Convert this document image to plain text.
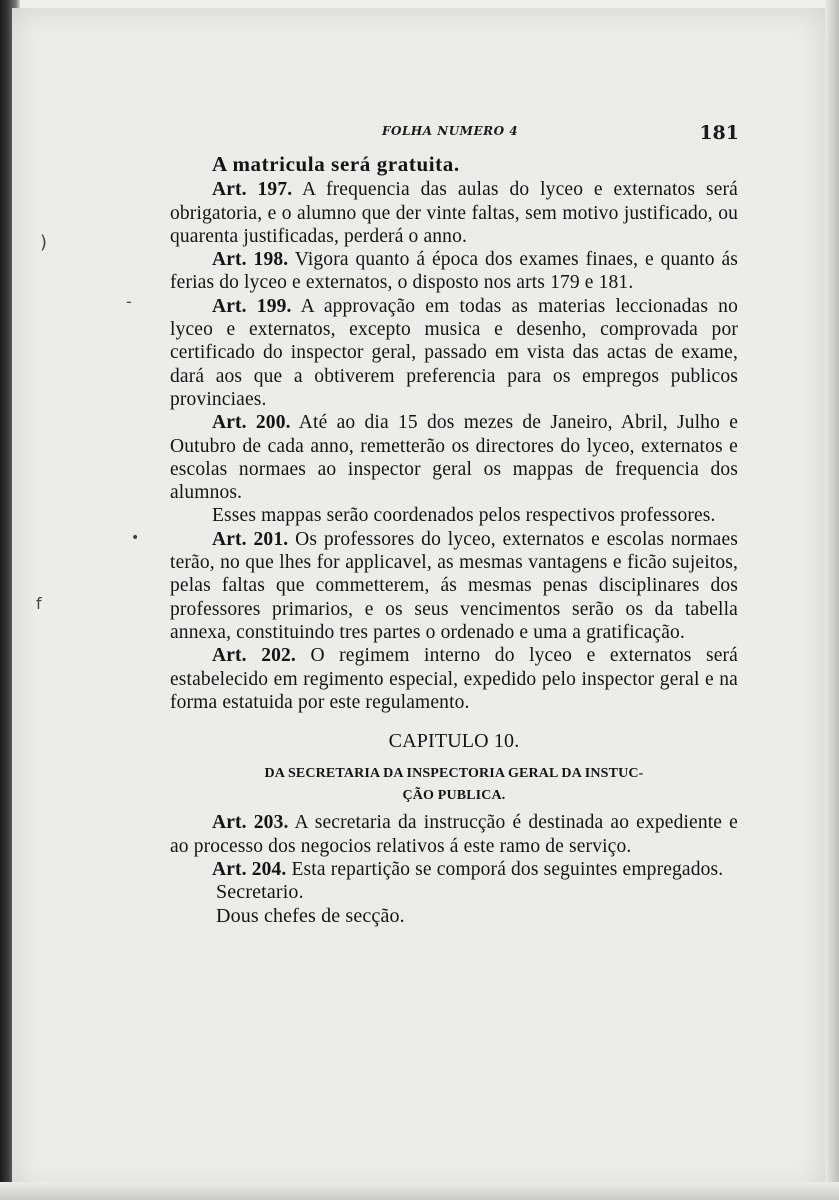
FOLHA NUMERO 4	181

A matricula será gratuita.

Art. 197. A frequencia das aulas do lyceo e externatos será obrigatoria, e o alumno que der vinte faltas, sem motivo justificado, ou quarenta justificadas, perderá o anno.

Art. 198. Vigora quanto á época dos exames finaes, e quanto ás ferias do lyceo e externatos, o disposto nos arts 179 e 181.

Art. 199. A approvação em todas as materias leccionadas no lyceo e externatos, excepto musica e desenho, comprovada por certificado do inspector geral, passado em vista das actas de exame, dará aos que a obtiverem preferencia para os empregos publicos provinciaes.

Art. 200. Até ao dia 15 dos mezes de Janeiro, Abril, Julho e Outubro de cada anno, remetterão os directores do lyceo, externatos e escolas normaes ao inspector geral os mappas de frequencia dos alumnos.

Esses mappas serão coordenados pelos respectivos professores.

Art. 201. Os professores do lyceo, externatos e escolas normaes terão, no que lhes for applicavel, as mesmas vantagens e ficão sujeitos, pelas faltas que commetterem, ás mesmas penas disciplinares dos professores primarios, e os seus vencimentos serão os da tabella annexa, constituindo tres partes o ordenado e uma a gratificação.

Art. 202. O regimem interno do lyceo e externatos será estabelecido em regimento especial, expedido pelo inspector geral e na forma estatuida por este regulamento.

CAPITULO 10.

DA SECRETARIA DA INSPECTORIA GERAL DA INSTUC-
ÇÃO PUBLICA.

Art. 203. A secretaria da instrucção é destinada ao expediente e ao processo dos negocios relativos á este ramo de serviço.

Art. 204. Esta repartição se comporá dos seguintes empregados.

Secretario.

Dous chefes de secção.

)
-
•
f
